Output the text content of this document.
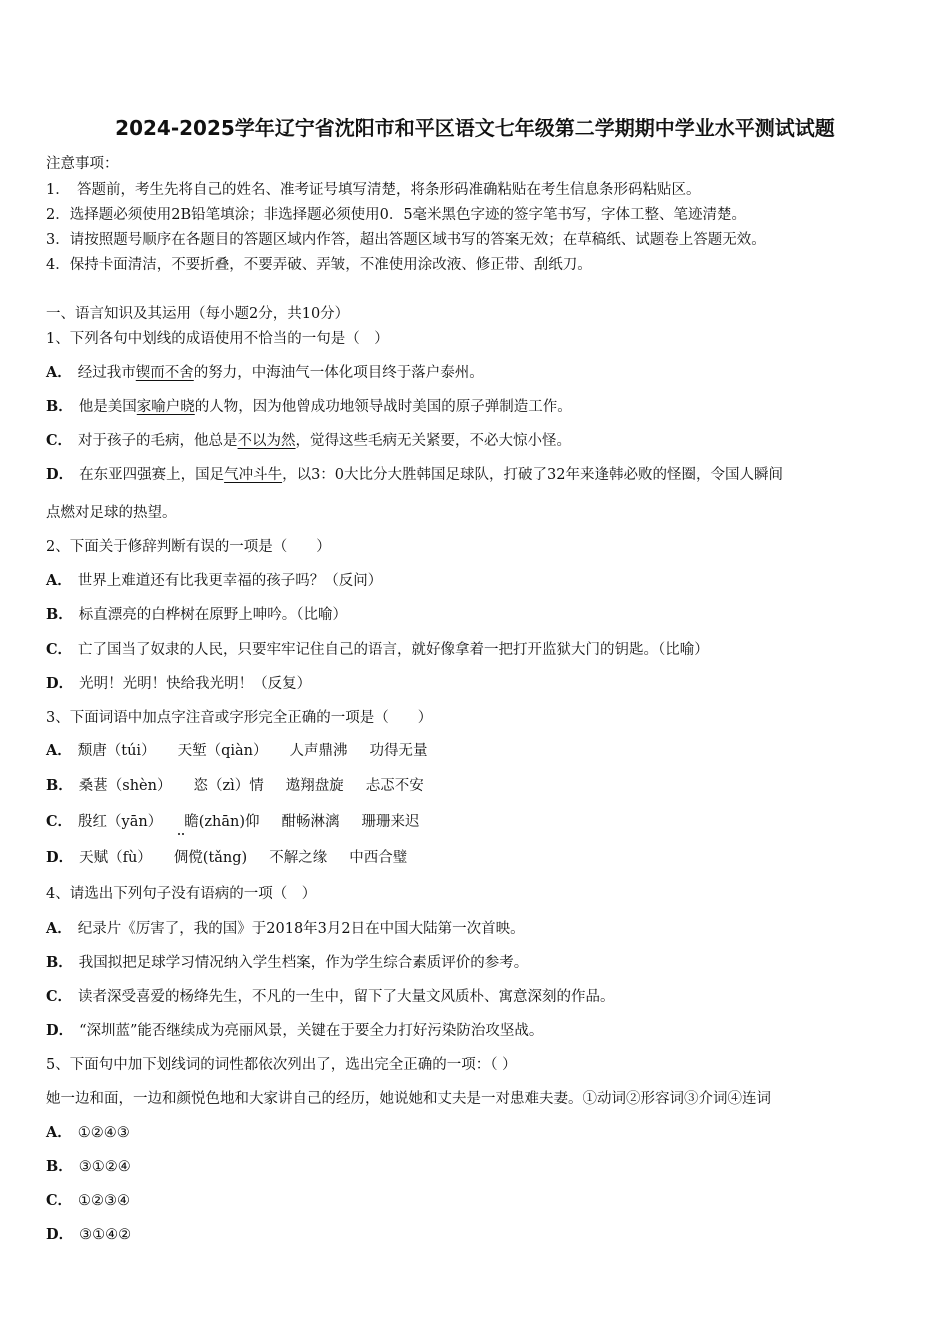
2024-2025学年辽宁省沈阳市和平区语文七年级第二学期期中学业水平测试试题
注意事项：
1．　答题前，考生先将自己的姓名、准考证号填写清楚，将条形码准确粘贴在考生信息条形码粘贴区。
2．选择题必须使用2B铅笔填涂；非选择题必须使用0．5毫米黑色字迹的签字笔书写，字体工整、笔迹清楚。
3．请按照题号顺序在各题目的答题区域内作答，超出答题区域书写的答案无效；在草稿纸、试题卷上答题无效。
4．保持卡面清洁，不要折叠，不要弄破、弄皱，不准使用涂改液、修正带、刮纸刀。
一、语言知识及其运用（每小题2分，共10分）
1、下列各句中划线的成语使用不恰当的一句是（　）
A． 经过我市锲而不舍的努力，中海油气一体化项目终于落户泰州。
B． 他是美国家喻户晓的人物，因为他曾成功地领导战时美国的原子弹制造工作。
C． 对于孩子的毛病，他总是不以为然，觉得这些毛病无关紧要，不必大惊小怪。
D． 在东亚四强赛上，国足气冲斗牛，以3：0大比分大胜韩国足球队，打破了32年来逢韩必败的怪圈，令国人瞬间
点燃对足球的热望。
2、下面关于修辞判断有误的一项是（　　）
A． 世界上难道还有比我更幸福的孩子吗？（反问）
B． 标直漂亮的白桦树在原野上呻吟。（比喻）
C． 亡了国当了奴隶的人民，只要牢牢记住自己的语言，就好像拿着一把打开监狱大门的钥匙。（比喻）
D． 光明！光明！快给我光明！（反复）
3、下面词语中加点字注音或字形完全正确的一项是（　　）
A． 颓唐（túi） 天堑（qiàn） 人声鼎沸 功得无量
B． 桑葚（shèn） 恣（zì）情 遨翔盘旋 忐忑不安
C． 殷红（yān） 瞻(zhān)仰 酣畅淋漓 珊珊来迟
D． 天赋（fù） 倜傥(tǎng) 不解之缘 中西合璧
4、请选出下列句子没有语病的一项（　）
A． 纪录片《厉害了，我的国》于2018年3月2日在中国大陆第一次首映。
B． 我国拟把足球学习情况纳入学生档案，作为学生综合素质评价的参考。
C． 读者深受喜爱的杨绛先生，不凡的一生中，留下了大量文风质朴、寓意深刻的作品。
D． “深圳蓝”能否继续成为亮丽风景，关键在于要全力打好污染防治攻坚战。
5、下面句中加下划线词的词性都依次列出了，选出完全正确的一项：（ ）
她一边和面，一边和颜悦色地和大家讲自己的经历，她说她和丈夫是一对患难夫妻。①动词②形容词③介词④连词
A． ①②④③
B． ③①②④
C． ①②③④
D． ③①④②
